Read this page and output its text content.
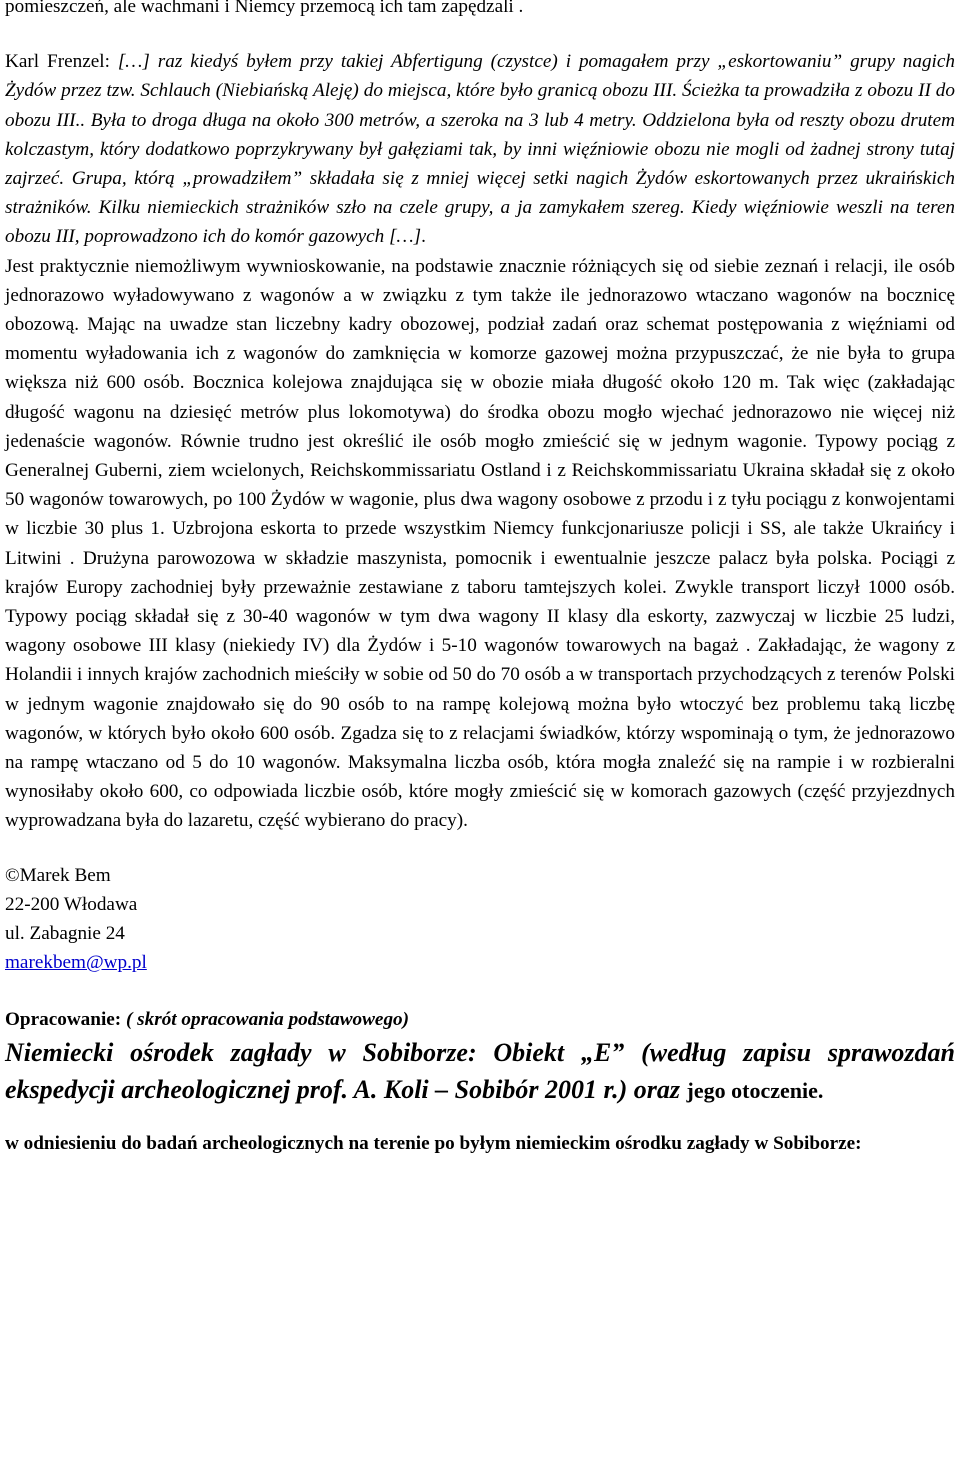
pomieszczeń, ale wachmani i Niemcy przemocą ich tam zapędzali .

Karl Frenzel: […] raz kiedyś byłem przy takiej Abfertigung (czystce) i pomagałem przy „eskortowaniu” grupy nagich Żydów przez tzw. Schlauch (Niebiańską Aleję) do miejsca, które było granicą obozu III. Ścieżka ta prowadziła z obozu II do obozu III.. Była to droga długa na około 300 metrów, a szeroka na 3 lub 4 metry. Oddzielona była od reszty obozu drutem kolczastym, który dodatkowo poprzykrywany był gałęziami tak, by inni więźniowie obozu nie mogli od żadnej strony tutaj zajrzeć. Grupa, którą „prowadziłem” składała się z mniej więcej setki nagich Żydów eskortowanych przez ukraińskich strażników. Kilku niemieckich strażników szło na czele grupy, a ja zamykałem szereg. Kiedy więźniowie weszli na teren obozu III, poprowadzono ich do komór gazowych […].

Jest praktycznie niemożliwym wywnioskowanie, na podstawie znacznie różniących się od siebie zeznań i relacji, ile osób jednorazowo wyładowywano z wagonów a w związku z tym także ile jednorazowo wtaczano wagonów na bocznicę obozową. Mając na uwadze stan liczebny kadry obozowej, podział zadań oraz schemat postępowania z więźniami od momentu wyładowania ich z wagonów do zamknięcia w komorze gazowej można przypuszczać, że nie była to grupa większa niż 600 osób. Bocznica kolejowa znajdująca się w obozie miała długość około 120 m. Tak więc (zakładając długość wagonu na dziesięć metrów plus lokomotywa) do środka obozu mogło wjechać jednorazowo nie więcej niż jedenaście wagonów. Równie trudno jest określić ile osób mogło zmieścić się w jednym wagonie. Typowy pociąg z Generalnej Guberni, ziem wcielonych, Reichskommissariatu Ostland i z Reichskommissariatu Ukraina składał się z około 50 wagonów towarowych, po 100 Żydów w wagonie, plus dwa wagony osobowe z przodu i z tyłu pociągu z konwojentami w liczbie 30 plus 1. Uzbrojona eskorta to przede wszystkim Niemcy funkcjonariusze policji i SS, ale także Ukraińcy i Litwini . Drużyna parowozowa w składzie maszynista, pomocnik i ewentualnie jeszcze palacz była polska. Pociągi z krajów Europy zachodniej były przeważnie zestawiane z taboru tamtejszych kolei. Zwykle transport liczył 1000 osób. Typowy pociąg składał się z 30-40 wagonów w tym dwa wagony II klasy dla eskorty, zazwyczaj w liczbie 25 ludzi, wagony osobowe III klasy (niekiedy IV) dla Żydów i 5-10 wagonów towarowych na bagaż . Zakładając, że wagony z Holandii i innych krajów zachodnich mieściły w sobie od 50 do 70 osób a w transportach przychodzących z terenów Polski w jednym wagonie znajdowało się do 90 osób to na rampę kolejową można było wtoczyć bez problemu taką liczbę wagonów, w których było około 600 osób. Zgadza się to z relacjami świadków, którzy wspominają o tym, że jednorazowo na rampę wtaczano od 5 do 10 wagonów. Maksymalna liczba osób, która mogła znaleźć się na rampie i w rozbieralni wynosiłaby około 600, co odpowiada liczbie osób, które mogły zmieścić się w komorach gazowych (część przyjezdnych wyprowadzana była do lazaretu, część wybierano do pracy).

©Marek Bem
22-200 Włodawa
ul. Zabagnie 24
marekbem@wp.pl
Opracowanie: ( skrót opracowania podstawowego)
Niemiecki ośrodek zagłady w Sobiborze: Obiekt „E” (według zapisu sprawozdań ekspedycji archeologicznej prof. A. Koli – Sobibór 2001 r.) oraz jego otoczenie.
w odniesieniu do badań archeologicznych na terenie po byłym niemieckim ośrodku zagłady w Sobiborze:
